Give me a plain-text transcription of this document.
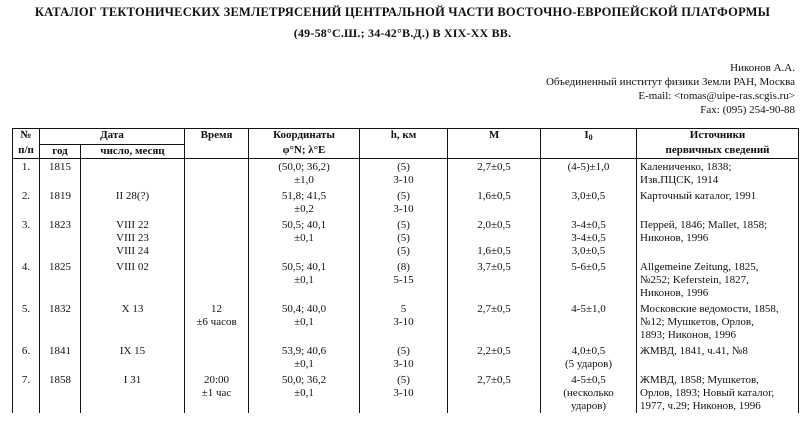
КАТАЛОГ ТЕКТОНИЧЕСКИХ ЗЕМЛЕТРЯСЕНИЙ ЦЕНТРАЛЬНОЙ ЧАСТИ ВОСТОЧНО-ЕВРОПЕЙСКОЙ ПЛАТФОРМЫ
(49-58°С.Ш.; 34-42°В.Д.) В XIX-XX ВВ.
Никонов А.А.
Объединенный институт физики Земли РАН, Москва
E-mail: <tomas@uipe-ras.scgis.ru>
Fax: (095) 254-90-88
№	Дата		Время	Координаты	h, км	M	$I_0$	Источники
п/п	год	число, месяц		φ°N; λ°E				первичных сведений
1.	1815			(50,0; 36,2)	(5)	2,7±0,5	(4-5)±1,0	Калениченко, 1838;
				±1,0	3-10			Изв.ПЦСК, 1914

2.	1819	II 28(?)		51,8; 41,5	(5)	1,6±0,5	3,0±0,5	Карточный каталог, 1991
				±0,2	3-10			

3.	1823	VIII 22		50,5; 40,1	(5)	2,0±0,5	3-4±0,5	Перрей, 1846; Mallet, 1858;
		VIII 23		±0,1	(5)		3-4±0,5	Никонов, 1996
		VIII 24			(5)	1,6±0,5	3,0±0,5	

4.	1825	VIII 02		50,5; 40,1	(8)	3,7±0,5	5-6±0,5	Allgemeine Zeitung, 1825,
				±0,1	5-15			№252; Keferstein, 1827,
								Никонов, 1996

5.	1832	X 13	12	50,4; 40,0	5	2,7±0,5	4-5±1,0	Московские ведомости, 1858,
			±6 часов	±0,1	3-10			№12; Мушкетов, Орлов,
								1893; Никонов, 1996

6.	1841	IX 15		53,9; 40,6	(5)	2,2±0,5	4,0±0,5	ЖМВД, 1841, ч.41, №8
				±0,1	3-10		(5 ударов)	

7.	1858	I 31	20:00	50,0; 36,2	(5)	2,7±0,5	4-5±0,5	ЖМВД, 1858; Мушкетов,
			±1 час	±0,1	3-10		(несколько	Орлов, 1893; Новый каталог,
							ударов)	1977, ч.29; Никонов, 1996
